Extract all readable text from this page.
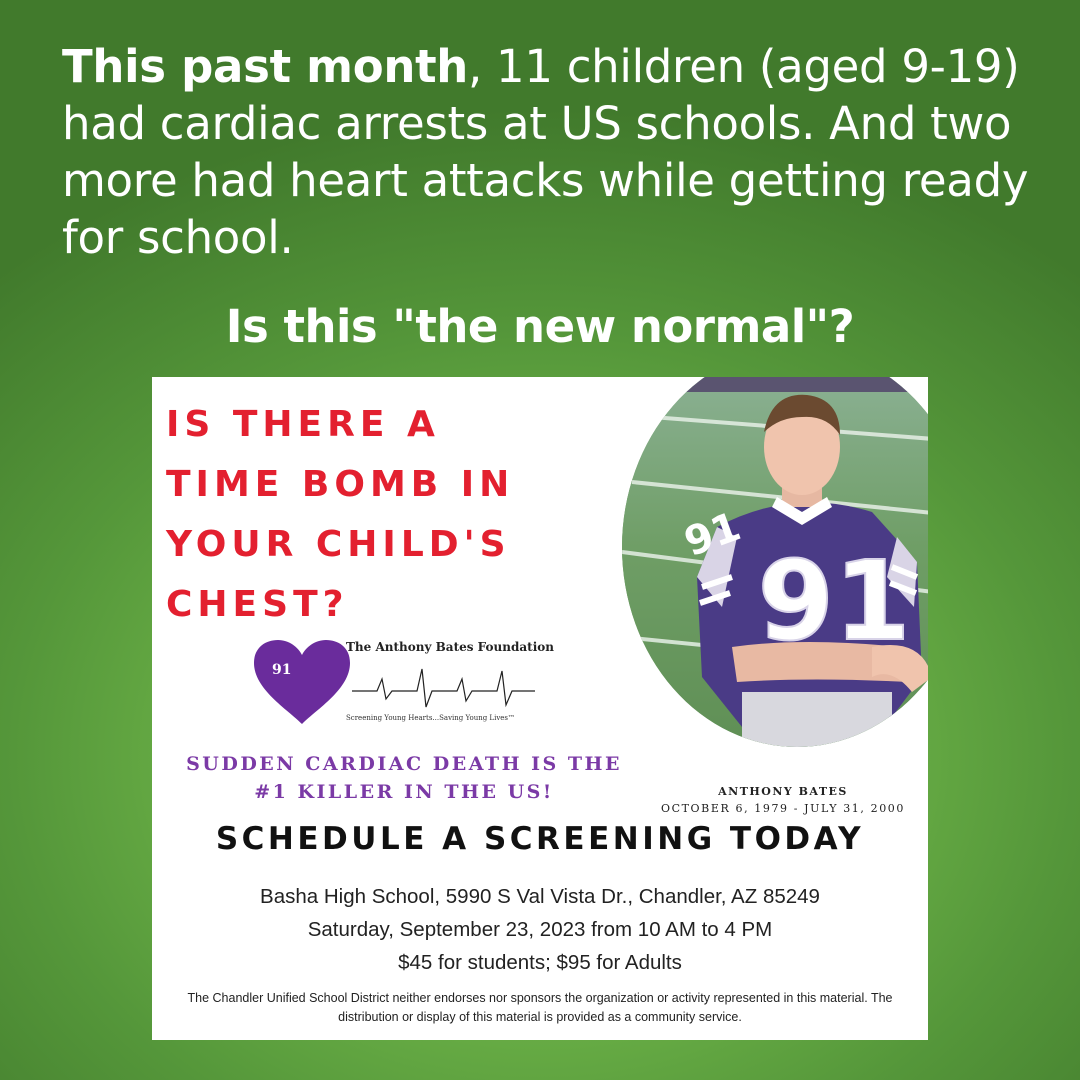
This past month, 11 children (aged 9-19) had cardiac arrests at US schools. And two more had heart attacks while getting ready for school.
Is this "the new normal"?
IS THERE A
TIME BOMB IN
YOUR CHILD'S
CHEST?	91
91
91
The Anthony Bates Foundation
Screening Young Hearts...Saving Young Lives™
SUDDEN CARDIAC DEATH IS THE
#1 KILLER IN THE US!	ANTHONY BATES
OCTOBER 6, 1979 - JULY 31, 2000
SCHEDULE A SCREENING TODAY
Basha High School, 5990 S Val Vista Dr., Chandler, AZ 85249
Saturday, September 23, 2023 from 10 AM to 4 PM
$45 for students; $95 for Adults
The Chandler Unified School District neither endorses nor sponsors the organization or activity represented in this material. The distribution or display of this material is provided as a community service.
